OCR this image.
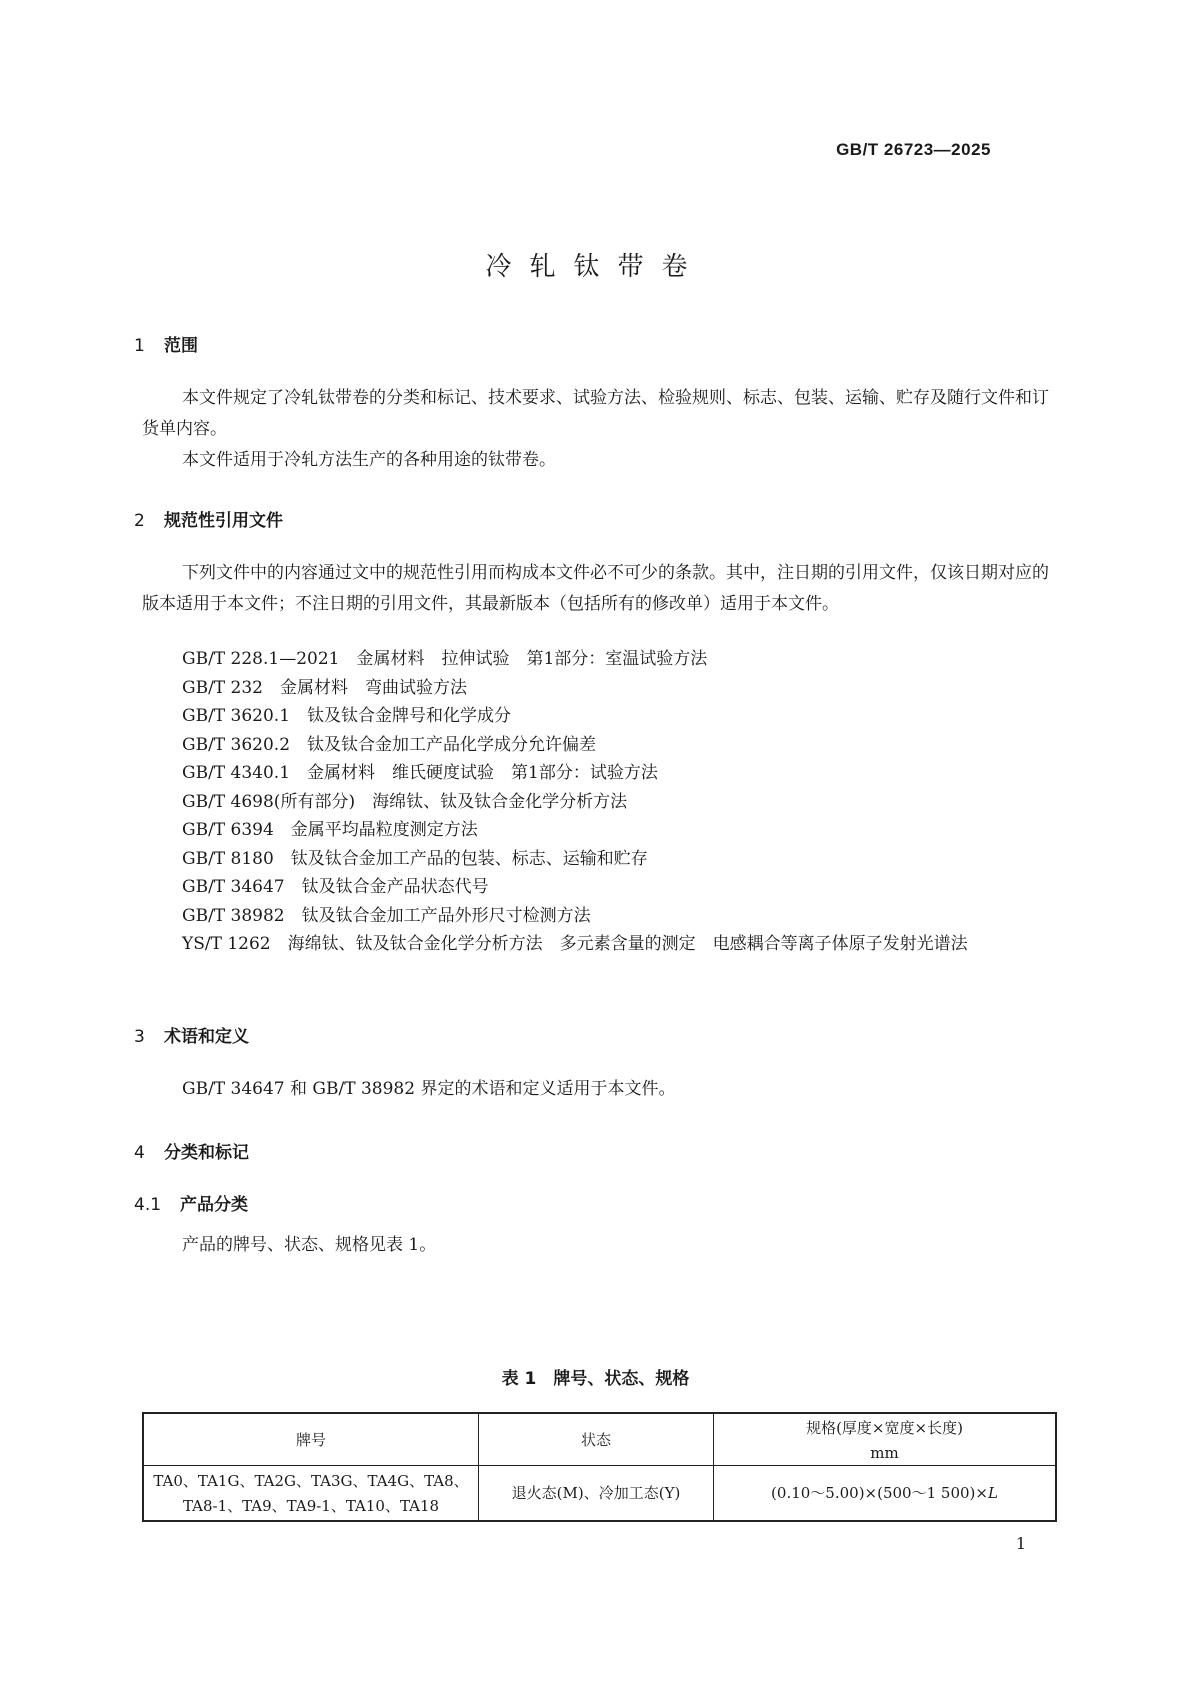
GB/T 26723—2025
冷轧钛带卷
1 范围
本文件规定了冷轧钛带卷的分类和标记、技术要求、试验方法、检验规则、标志、包装、运输、贮存及随行文件和订货单内容。
本文件适用于冷轧方法生产的各种用途的钛带卷。
2 规范性引用文件
下列文件中的内容通过文中的规范性引用而构成本文件必不可少的条款。其中，注日期的引用文件，仅该日期对应的版本适用于本文件；不注日期的引用文件，其最新版本（包括所有的修改单）适用于本文件。
GB/T 228.1—2021　金属材料　拉伸试验　第1部分：室温试验方法
GB/T 232　金属材料　弯曲试验方法
GB/T 3620.1　钛及钛合金牌号和化学成分
GB/T 3620.2　钛及钛合金加工产品化学成分允许偏差
GB/T 4340.1　金属材料　维氏硬度试验　第1部分：试验方法
GB/T 4698(所有部分)　海绵钛、钛及钛合金化学分析方法
GB/T 6394　金属平均晶粒度测定方法
GB/T 8180　钛及钛合金加工产品的包装、标志、运输和贮存
GB/T 34647　钛及钛合金产品状态代号
GB/T 38982　钛及钛合金加工产品外形尺寸检测方法
YS/T 1262　海绵钛、钛及钛合金化学分析方法　多元素含量的测定　电感耦合等离子体原子发射光谱法
3 术语和定义
GB/T 34647 和 GB/T 38982 界定的术语和定义适用于本文件。
4 分类和标记
4.1 产品分类
产品的牌号、状态、规格见表 1。
表 1　牌号、状态、规格
牌号	状态	规格(厚度×宽度×长度)
mm

TA0、TA1G、TA2G、TA3G、TA4G、TA8、
TA8-1、TA9、TA9-1、TA10、TA18	退火态(M)、冷加工态(Y)	(0.10～5.00)×(500～1 500)×L
1
